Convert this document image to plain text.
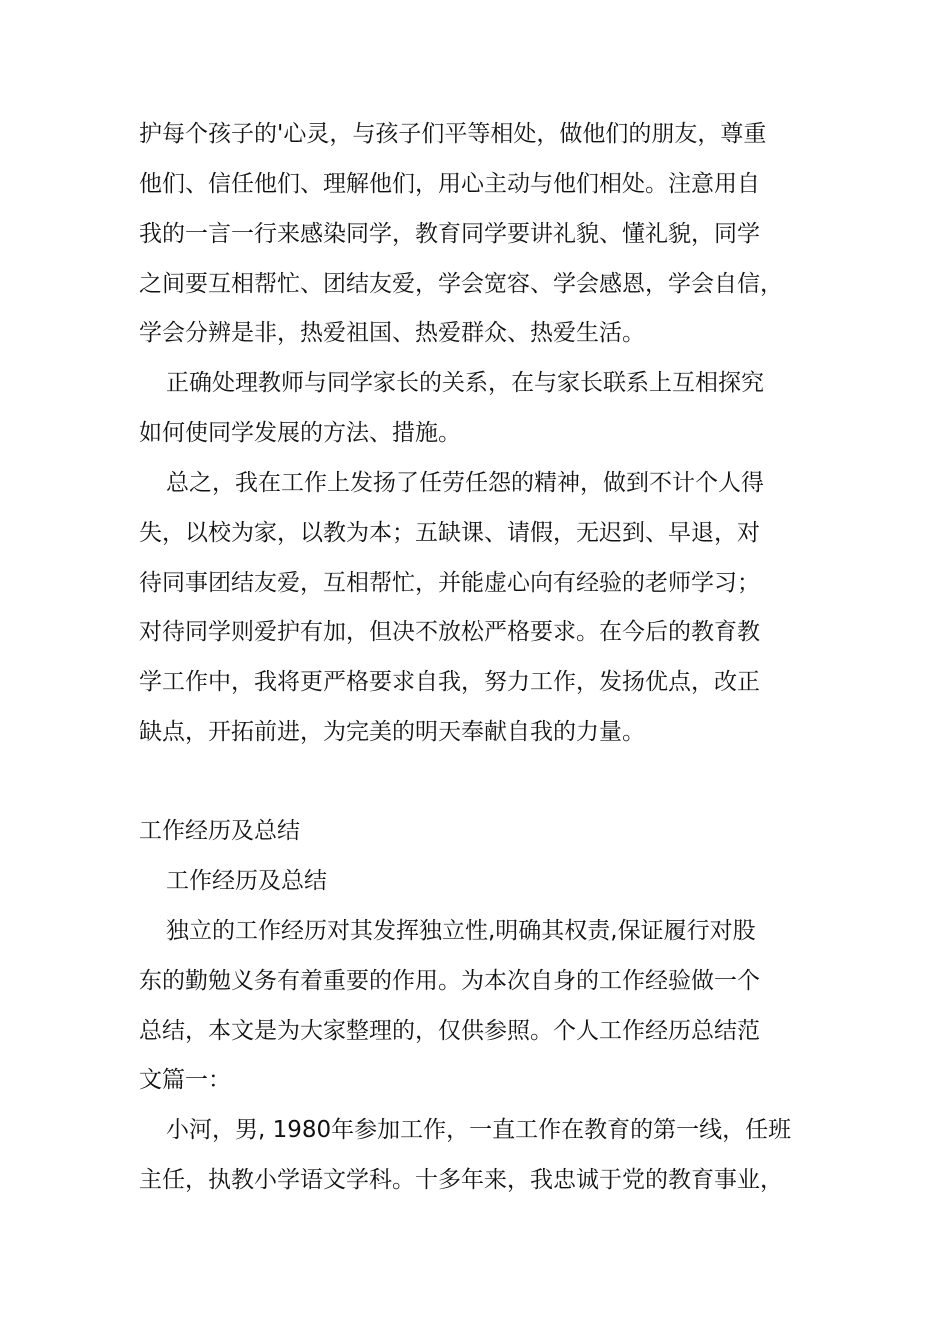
护每个孩子的'心灵，与孩子们平等相处，做他们的朋友，尊重
他们、信任他们、理解他们，用心主动与他们相处。注意用自
我的一言一行来感染同学，教育同学要讲礼貌、懂礼貌，同学
之间要互相帮忙、团结友爱，学会宽容、学会感恩，学会自信，
学会分辨是非，热爱祖国、热爱群众、热爱生活。
正确处理教师与同学家长的关系，在与家长联系上互相探究
如何使同学发展的方法、措施。
总之，我在工作上发扬了任劳任怨的精神，做到不计个人得
失，以校为家，以教为本；五缺课、请假，无迟到、早退，对
待同事团结友爱，互相帮忙，并能虚心向有经验的老师学习；
对待同学则爱护有加，但决不放松严格要求。在今后的教育教
学工作中，我将更严格要求自我，努力工作，发扬优点，改正
缺点，开拓前进，为完美的明天奉献自我的力量。
工作经历及总结
工作经历及总结
独立的工作经历对其发挥独立性,明确其权责,保证履行对股
东的勤勉义务有着重要的作用。为本次自身的工作经验做一个
总结，本文是为大家整理的，仅供参照。个人工作经历总结范
文篇一：
小河，男, 1980年参加工作，一直工作在教育的第一线，任班
主任，执教小学语文学科。十多年来，我忠诚于党的教育事业，
